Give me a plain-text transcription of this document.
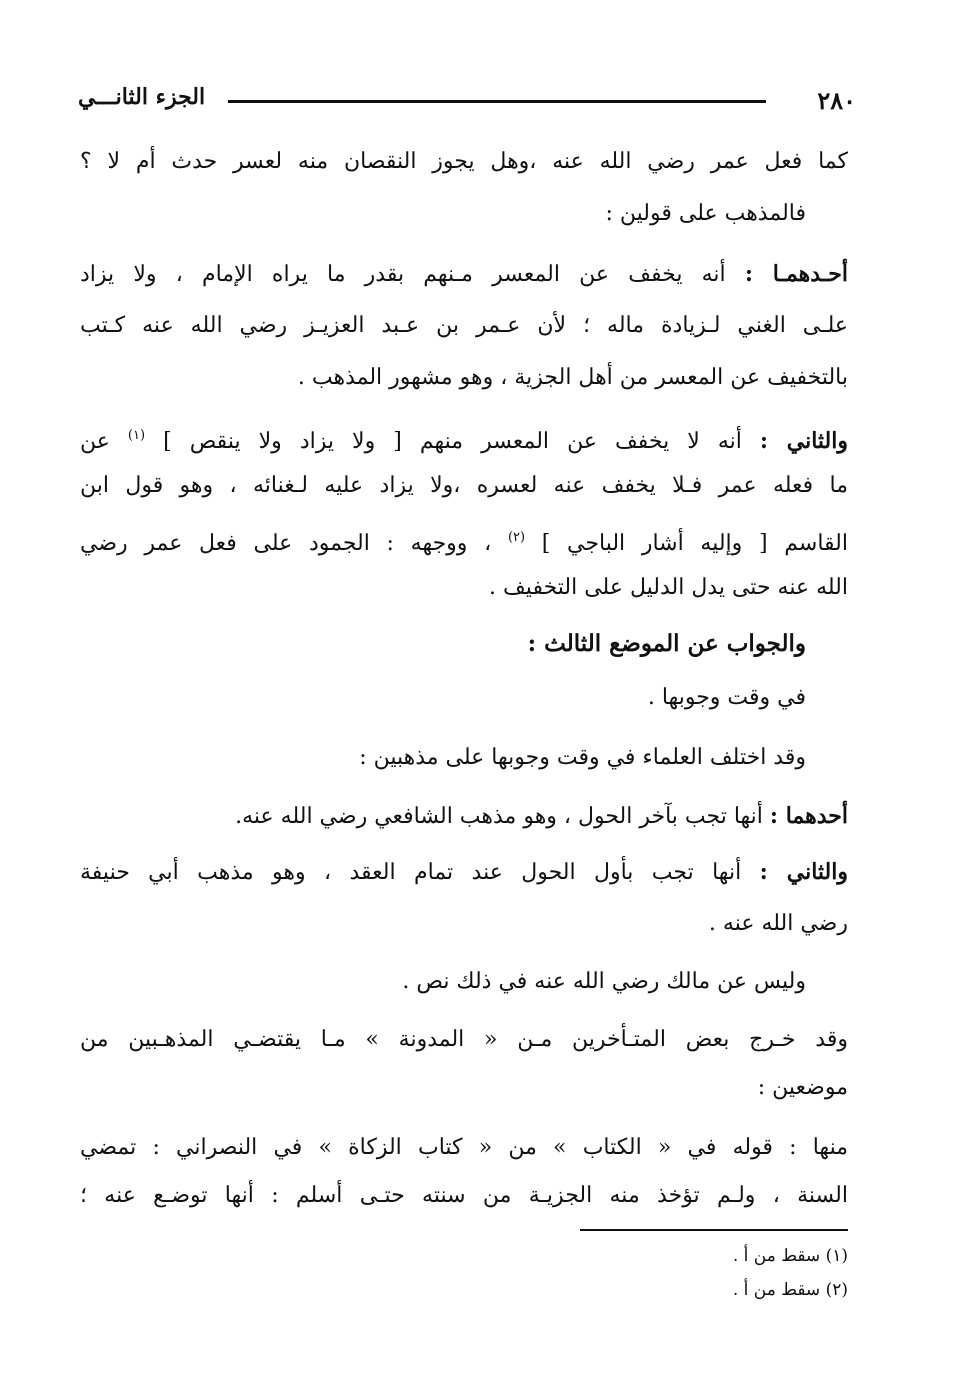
٢٨٠
الجزء الثانـــي
كما فعل عمر رضي الله عنه ،وهل يجوز النقصان منه لعسر حدث أم لا ؟
فالمذهب على قولين :
أحـدهمـا : أنه يخفف عن المعسر مـنهم بقدر ما يراه الإمام ، ولا يزاد
علـى الغني لـزيادة ماله ؛ لأن عـمر بن عـبد العزيـز رضي الله عنه كـتب
بالتخفيف عن المعسر من أهل الجزية ، وهو مشهور المذهب .
والثاني : أنه لا يخفف عن المعسر منهم [ ولا يزاد ولا ينقص ] $^{(١)}$ عن
ما فعله عمر فـلا يخفف عنه لعسره ،ولا يزاد عليه لـغنائه ، وهو قول ابن
القاسم [ وإليه أشار الباجي ] $^{(٢)}$ ، ووجهه : الجمود على فعل عمر رضي
الله عنه حتى يدل الدليل على التخفيف .
والجواب عن الموضع الثالث :
في وقت وجوبها .
وقد اختلف العلماء في وقت وجوبها على مذهبين :
أحدهما : أنها تجب بآخر الحول ، وهو مذهب الشافعي رضي الله عنه.
والثاني : أنها تجب بأول الحول عند تمام العقد ، وهو مذهب أبي حنيفة
رضي الله عنه .
وليس عن مالك رضي الله عنه في ذلك نص .
وقد خـرج بعض المتـأخرين مـن « المدونة » مـا يقتضـي المذهـبين من
موضعين :
منها : قوله في « الكتاب » من « كتاب الزكاة » في النصراني : تمضي
السنة ، ولـم تؤخذ منه الجزيـة من سنته حتـى أسلم : أنها توضـع عنه ؛
(١) سقط من أ .
(٢) سقط من أ .
